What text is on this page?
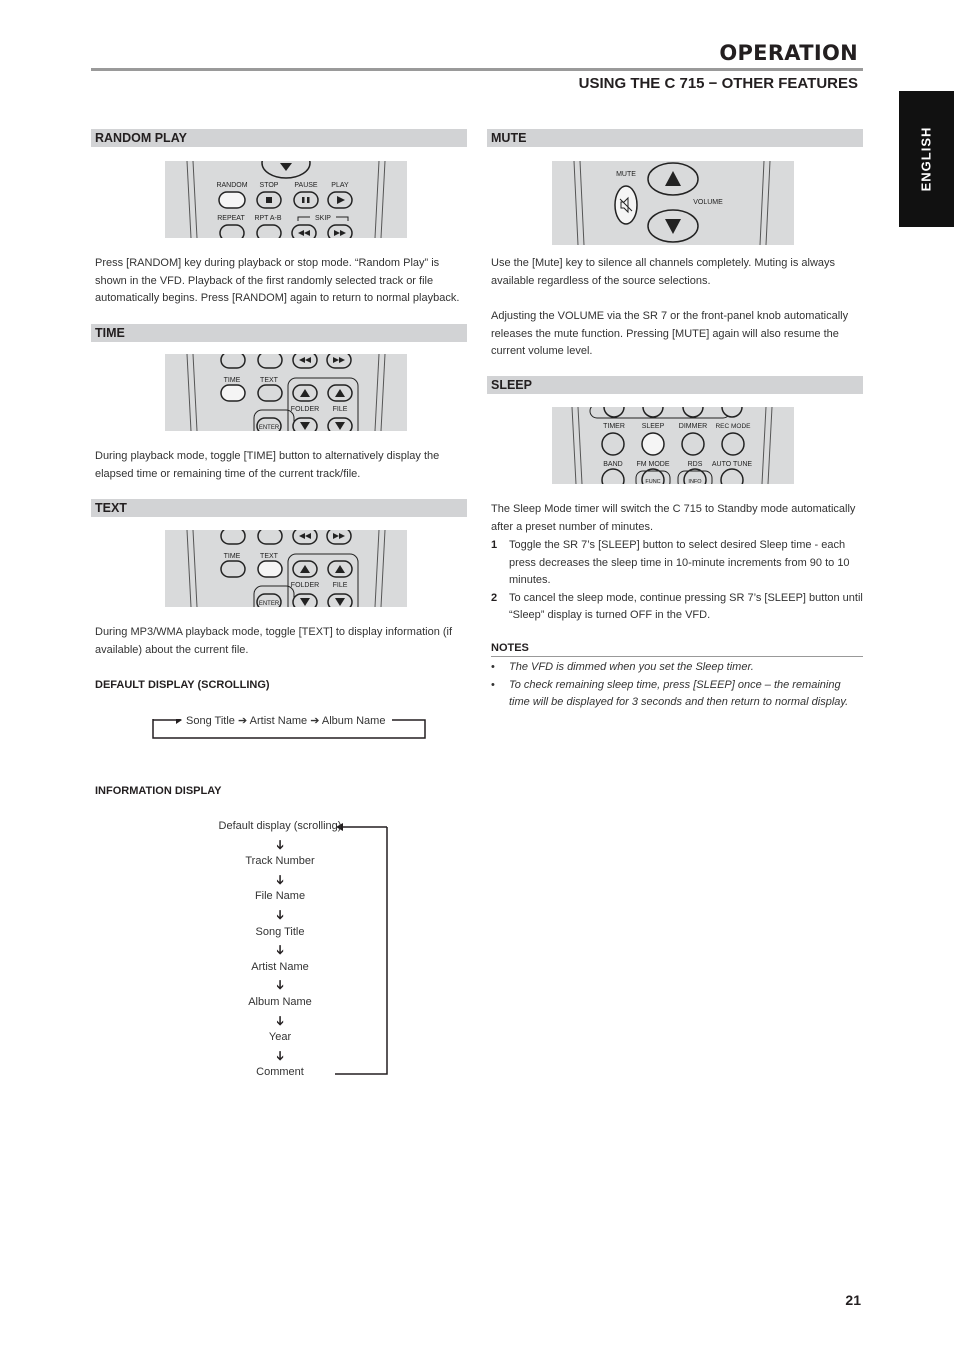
OPERATION
USING THE C 715 − OTHER FEATURES
ENGLISH
RANDOM PLAY
RANDOM STOP PAUSE PLAY
REPEAT RPT A-B	SKIP
Press [RANDOM] key during playback or stop mode. “Random Play” is shown in the VFD. Playback of the first randomly selected track or file automatically begins. Press [RANDOM] again to return to normal playback.
TIME
TIME	TEXT
FOLDER FILE
ENTER
During playback mode, toggle [TIME] button to alternatively display the elapsed time or remaining time of the current track/file.
TEXT
TIME	TEXT
FOLDER FILE
ENTER
During MP3/WMA playback mode, toggle [TEXT] to display information (if available) about the current file.
DEFAULT DISPLAY (SCROLLING)
Song Title ➔ Artist Name ➔ Album Name
INFORMATION DISPLAY
Default display (scrolling)
➔
Track Number
➔
File Name
➔
Song Title
➔
Artist Name
➔
Album Name
➔
Year
➔
Comment
MUTE
MUTE
VOLUME
Use the [Mute] key to silence all channels completely. Muting is always available regardless of the source selections.
Adjusting the VOLUME via the SR 7 or the front-panel knob automatically releases the mute function. Pressing [MUTE] again will also resume the current volume level.
SLEEP
TIMER SLEEP DIMMER REC MODE
BAND FM MODE	RDS AUTO TUNE
FUNC	INFO
The Sleep Mode timer will switch the C 715 to Standby mode automatically after a preset number of minutes.
1 Toggle the SR 7’s [SLEEP] button to select desired Sleep time - each press decreases the sleep time in 10-minute increments from 90 to 10 minutes.
2 To cancel the sleep mode, continue pressing SR 7’s [SLEEP] button until “Sleep” display is turned OFF in the VFD.
NOTES
• The VFD is dimmed when you set the Sleep timer.
• To check remaining sleep time, press [SLEEP] once – the remaining time will be displayed for 3 seconds and then return to normal display.
21
